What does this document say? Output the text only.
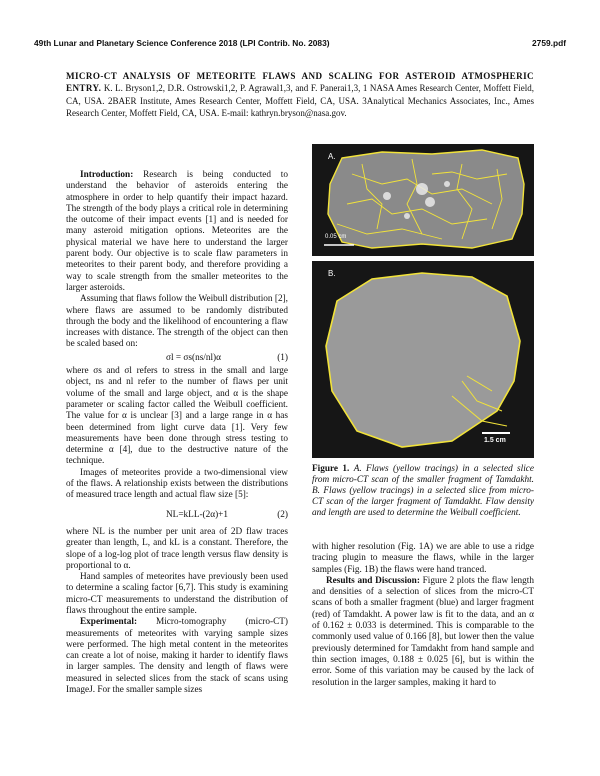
49th Lunar and Planetary Science Conference 2018 (LPI Contrib. No. 2083)	2759.pdf
MICRO-CT ANALYSIS OF METEORITE FLAWS AND SCALING FOR ASTEROID ATMOSPHERIC ENTRY. K. L. Bryson1,2, D.R. Ostrowski1,2, P. Agrawal1,3, and F. Panerai1,3, 1 NASA Ames Research Center, Moffett Field, CA, USA. 2BAER Institute, Ames Research Center, Moffett Field, CA, USA. 3Analytical Mechanics Associates, Inc., Ames Research Center, Moffett Field, CA, USA. E-mail: kathryn.bryson@nasa.gov.

Introduction: Research is being conducted to understand the behavior of asteroids entering the atmosphere in order to help quantify their impact hazard. The strength of the body plays a critical role in determining the outcome of their impact events [1] and is needed for many asteroid mitigation options. Meteorites are the physical material we have here to understand the larger parent body. Our objective is to scale flaw parameters in meteorites to their parent body, and therefore providing a way to scale strength from the smaller meteorites to the larger asteroids.

Assuming that flaws follow the Weibull distribution [2], where flaws are assumed to be randomly distributed through the body and the likelihood of encountering a flaw increases with distance. The strength of the object can then be scaled based on:

σl = σs(ns/nl)α	(1)

where σs and σl refers to stress in the small and large object, ns and nl refer to the number of flaws per unit volume of the small and large object, and α is the shape parameter or scaling factor called the Weibull coefficient. The value for α is unclear [3] and a large range in α has been determined from light curve data [1]. Very few measurements have been done through stress testing to determine α [4], due to the destructive nature of the technique.

Images of meteorites provide a two-dimensional view of the flaws. A relationship exists between the distributions of measured trace length and actual flaw size [5]:

NL=kLL-(2α)+1	(2)

where NL is the number per unit area of 2D flaw traces greater than length, L, and kL is a constant. Therefore, the slope of a log-log plot of trace length versus flaw density is proportional to α.

Hand samples of meteorites have previously been used to determine a scaling factor [6,7]. This study is examining micro-CT measurements to understand the distribution of flaws throughout the entire sample.

Experimental: Micro-tomography (micro-CT) measurements of meteorites with varying sample sizes were performed. The high metal content in the meteorites can create a lot of noise, making it harder to identify flaws in larger samples. The density and length of flaws were measured in selected slices from the stack of scans using ImageJ. For the smaller sample sizes

A.
0.05 cm
B.
1.5 cm
Figure 1. A. Flaws (yellow tracings) in a selected slice from micro-CT scan of the smaller fragment of Tamdakht. B. Flaws (yellow tracings) in a selected slice from micro-CT scan of the larger fragment of Tamdakht. Flaw density and length are used to determine the Weibull coefficient.

with higher resolution (Fig. 1A) we are able to use a ridge tracing plugin to measure the flaws, while in the larger samples (Fig. 1B) the flaws were hand tranced.

Results and Discussion: Figure 2 plots the flaw length and densities of a selection of slices from the micro-CT scans of both a smaller fragment (blue) and larger fragment (red) of Tamdakht. A power law is fit to the data, and an α of 0.162 ± 0.033 is determined. This is comparable to the commonly used value of 0.166 [8], but lower then the value previously determined for Tamdakht from hand sample and thin section images, 0.188 ± 0.025 [6], but is within the error. Some of this variation may be caused by the lack of resolution in the larger samples, making it hard to
